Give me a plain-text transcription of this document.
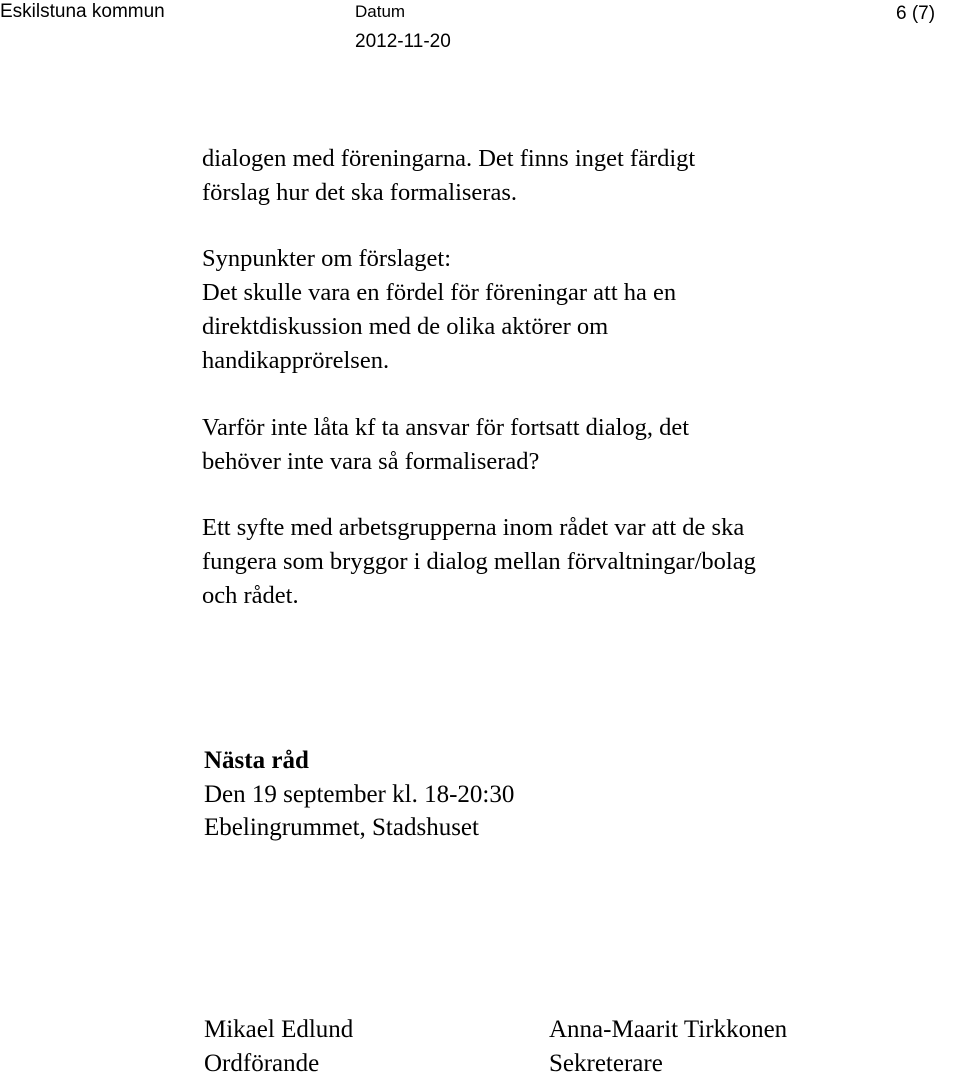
Eskilstuna kommun	Datum
2012-11-20
6 (7)
dialogen med föreningarna. Det finns inget färdigt
förslag hur det ska formaliseras.
Synpunkter om förslaget:
Det skulle vara en fördel för föreningar att ha en
direktdiskussion med de olika aktörer om
handikapprörelsen.
Varför inte låta kf ta ansvar för fortsatt dialog, det
behöver inte vara så formaliserad?
Ett syfte med arbetsgrupperna inom rådet var att de ska
fungera som bryggor i dialog mellan förvaltningar/bolag
och rådet.
Nästa råd
Den 19 september kl. 18-20:30
Ebelingrummet, Stadshuset
Mikael Edlund
Ordförande
Anna-Maarit Tirkkonen
Sekreterare
